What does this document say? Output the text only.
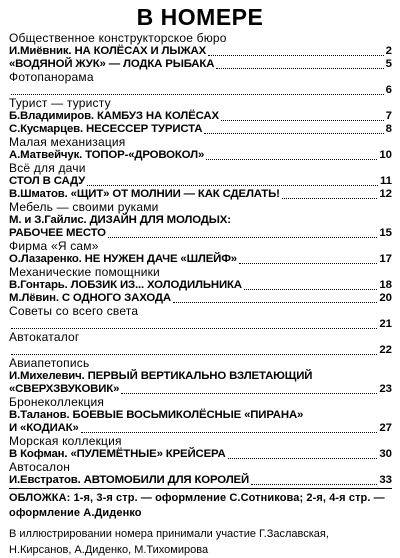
В НОМЕРЕ
Общественное конструкторское бюро
И.Миёвник. НА КОЛЁСАХ И ЛЫЖАХ	2
«ВОДЯНОЙ ЖУК» — ЛОДКА РЫБАКА	5
Фотопанорама
6
Турист — туристу
Б.Владимиров. КАМБУЗ НА КОЛЁСАХ	7
С.Кусмарцев. НЕСЕССЕР ТУРИСТА	8
Малая механизация
А.Матвейчук. ТОПОР-«ДРОВОКОЛ»	10
Всё для дачи
СТОЛ В САДУ	11
В.Шматов. «ЩИТ» ОТ МОЛНИИ — КАК СДЕЛАТЬ!	12
Мебель — своими руками
М. и З.Гайлис. ДИЗАЙН ДЛЯ МОЛОДЫХ:
РАБОЧЕЕ МЕСТО	15
Фирма «Я сам»
О.Лазаренко. НЕ НУЖЕН ДАЧЕ «ШЛЕЙФ»	17
Механические помощники
В.Гонтарь. ЛОБЗИК ИЗ... ХОЛОДИЛЬНИКА	18
М.Лёвин. С ОДНОГО ЗАХОДА	20
Советы со всего света
21
Автокаталог
22
Авиапетопись
И.Михелевич. ПЕРВЫЙ ВЕРТИКАЛЬНО ВЗЛЕТАЮЩИЙ
«СВЕРХЗВУКОВИК»	23
Бронеколлекция
В.Таланов. БОЕВЫЕ ВОСЬМИКОЛЁСНЫЕ «ПИРАНА»
И «КОДИАК»	27
Морская коллекция
В Кофман. «ПУЛЕМЁТНЫЕ» КРЕЙСЕРА	30
Автосалон
И.Евстратов. АВТОМОБИЛИ ДЛЯ КОРОЛЕЙ	33
ОБЛОЖКА: 1-я, 3-я стр. — оформление С.Сотникова; 2-я, 4-я стр. — оформление А.Диденко
В иллюстрировании номера принимали участие Г.Заславская, Н.Кирсанов, А.Диденко, М.Тихомирова
